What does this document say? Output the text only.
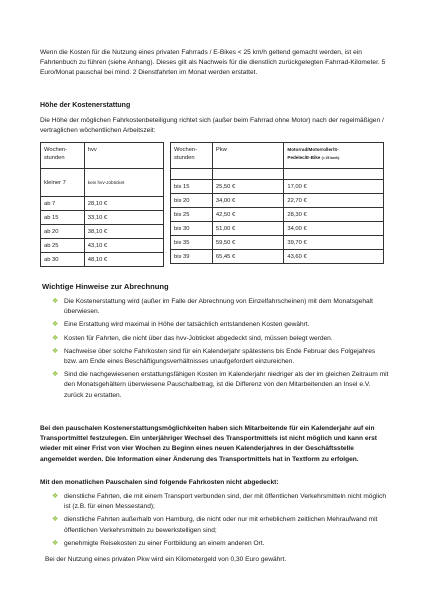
Wenn die Kosten für die Nutzung eines privaten Fahrrads / E-Bikes < 25 km/h geltend gemacht werden, ist ein Fahrtenbuch zu führen (siehe Anhang). Dieses gilt als Nachweis für die dienstlich zurückgelegten Fahrrad-Kilometer. 5 Euro/Monat pauschal bei mind. 2 Dienstfahrten im Monat werden erstattet.

Höhe der Kostenerstattung

Die Höhe der möglichen Fahrkostenbeteiligung richtet sich (außer beim Fahrrad ohne Motor) nach der regelmäßigen / vertraglichen wöchentlichen Arbeitszeit:

Wochen-
stunden	hvv
kleiner 7	kein hvv-Jobticket
ab 7	28,10 €
ab 15	33,10 €
ab 20	38,10 €
ab 25	43,10 €
ab 30	48,10 €
Wochen-
stunden	Pkw	Motorrad/Motorroller/S-
Pedelec/E-Bike (> 25 km/h)

bis 15	25,50 €	17,00 €
bis 20	34,00 €	22,70 €
bis 25	42,50 €	28,30 €
bis 30	51,00 €	34,00 €
bis 35	59,50 €	39,70 €
bis 39	65,45 €	43,60 €

Wichtige Hinweise zur Abrechnung

❖ Die Kostenerstattung wird (außer im Falle der Abrechnung von Einzelfahrscheinen) mit dem Monatsgehalt überwiesen.
❖ Eine Erstattung wird maximal in Höhe der tatsächlich entstandenen Kosten gewährt.
❖ Kosten für Fahrten, die nicht über das hvv-Jobticket abgedeckt sind, müssen belegt werden.
❖ Nachweise über solche Fahrkosten sind für ein Kalenderjahr spätestens bis Ende Februar des Folgejahres bzw. am Ende eines Beschäftigungsverhältnisses unaufgefordert einzureichen.
❖ Sind die nachgewiesenen erstattungsfähigen Kosten im Kalenderjahr niedriger als der im gleichen Zeitraum mit den Monatsgehältern überwiesene Pauschalbetrag, ist die Differenz von den Mitarbeitenden an Insel e.V. zurück zu erstatten.

Bei den pauschalen Kostenerstattungsmöglichkeiten haben sich Mitarbeitende für ein Kalenderjahr auf ein Transportmittel festzulegen. Ein unterjähriger Wechsel des Transportmittels ist nicht möglich und kann erst wieder mit einer Frist von vier Wochen zu Beginn eines neuen Kalenderjahres in der Geschäftsstelle angemeldet werden. Die Information einer Änderung des Transportmittels hat in Textform zu erfolgen.

Mit den monatlichen Pauschalen sind folgende Fahrkosten nicht abgedeckt:

❖ dienstliche Fahrten, die mit einem Transport verbunden sind, der mit öffentlichen Verkehrsmitteln nicht möglich ist (z.B. für einen Messestand);
❖ dienstliche Fahrten außerhalb von Hamburg, die nicht oder nur mit erheblichem zeitlichen Mehraufwand mit öffentlichen Verkehrsmitteln zu bewerkstelligen sind;
❖ genehmigte Reisekosten zu einer Fortbildung an einem anderen Ort.

Bei der Nutzung eines privaten Pkw wird ein Kilometergeld von 0,30 Euro gewährt.
